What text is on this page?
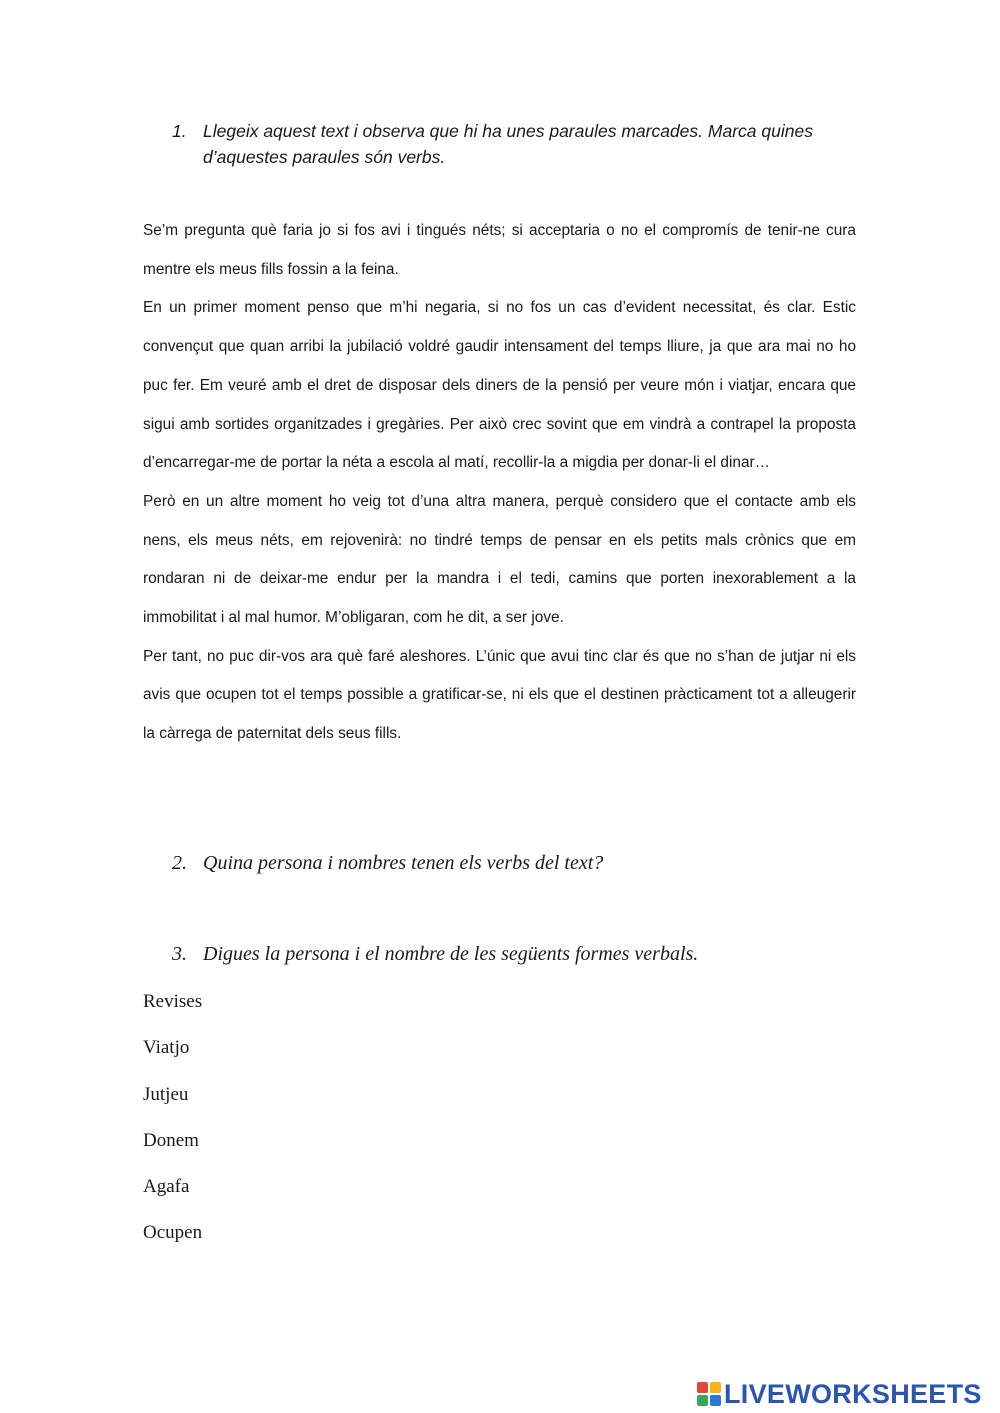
1. Llegeix aquest text i observa que hi ha unes paraules marcades. Marca quines d’aquestes paraules són verbs.

Se’m pregunta què faria jo si fos avi i tingués néts; si acceptaria o no el compromís de tenir-ne cura mentre els meus fills fossin a la feina.

En un primer moment penso que m’hi negaria, si no fos un cas d’evident necessitat, és clar. Estic convençut que quan arribi la jubilació voldré gaudir intensament del temps lliure, ja que ara mai no ho puc fer. Em veuré amb el dret de disposar dels diners de la pensió per veure món i viatjar, encara que sigui amb sortides organitzades i gregàries. Per això crec sovint que em vindrà a contrapel la proposta d’encarregar-me de portar la néta a escola al matí, recollir-la a migdia per donar-li el dinar…

Però en un altre moment ho veig tot d’una altra manera, perquè considero que el contacte amb els nens, els meus néts, em rejovenirà: no tindré temps de pensar en els petits mals crònics que em rondaran ni de deixar-me endur per la mandra i el tedi, camins que porten inexorablement a la immobilitat i al mal humor. M’obligaran, com he dit, a ser jove.

Per tant, no puc dir-vos ara què faré aleshores. L’únic que avui tinc clar és que no s’han de jutjar ni els avis que ocupen tot el temps possible a gratificar-se, ni els que el destinen pràcticament tot a alleugerir la càrrega de paternitat dels seus fills.

2. Quina persona i nombres tenen els verbs del text?
3. Digues la persona i el nombre de les següents formes verbals.
Revises
Viatjo
Jutjeu
Donem
Agafa
Ocupen
LIVEWORKSHEETS
